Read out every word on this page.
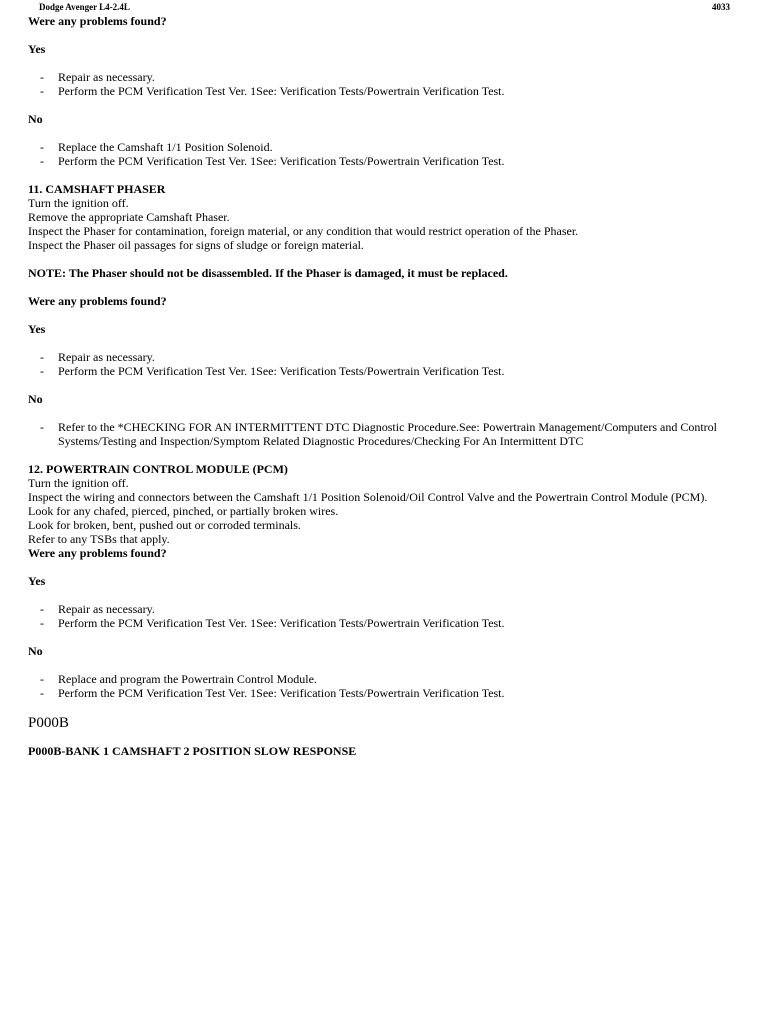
Dodge Avenger L4-2.4L	4033

Were any problems found?

Yes

- Repair as necessary.
- Perform the PCM Verification Test Ver. 1See: Verification Tests/Powertrain Verification Test.

No

- Replace the Camshaft 1/1 Position Solenoid.
- Perform the PCM Verification Test Ver. 1See: Verification Tests/Powertrain Verification Test.

11. CAMSHAFT PHASER

Turn the ignition off.

Remove the appropriate Camshaft Phaser.

Inspect the Phaser for contamination, foreign material, or any condition that would restrict operation of the Phaser.

Inspect the Phaser oil passages for signs of sludge or foreign material.

NOTE: The Phaser should not be disassembled. If the Phaser is damaged, it must be replaced.

Were any problems found?

Yes

- Repair as necessary.
- Perform the PCM Verification Test Ver. 1See: Verification Tests/Powertrain Verification Test.

No

- Refer to the *CHECKING FOR AN INTERMITTENT DTC Diagnostic Procedure.See: Powertrain Management/Computers and Control Systems/Testing and Inspection/Symptom Related Diagnostic Procedures/Checking For An Intermittent DTC

12. POWERTRAIN CONTROL MODULE (PCM)

Turn the ignition off.

Inspect the wiring and connectors between the Camshaft 1/1 Position Solenoid/Oil Control Valve and the Powertrain Control Module (PCM).

Look for any chafed, pierced, pinched, or partially broken wires.

Look for broken, bent, pushed out or corroded terminals.

Refer to any TSBs that apply.

Were any problems found?

Yes

- Repair as necessary.
- Perform the PCM Verification Test Ver. 1See: Verification Tests/Powertrain Verification Test.

No

- Replace and program the Powertrain Control Module.
- Perform the PCM Verification Test Ver. 1See: Verification Tests/Powertrain Verification Test.

P000B

P000B-BANK 1 CAMSHAFT 2 POSITION SLOW RESPONSE
